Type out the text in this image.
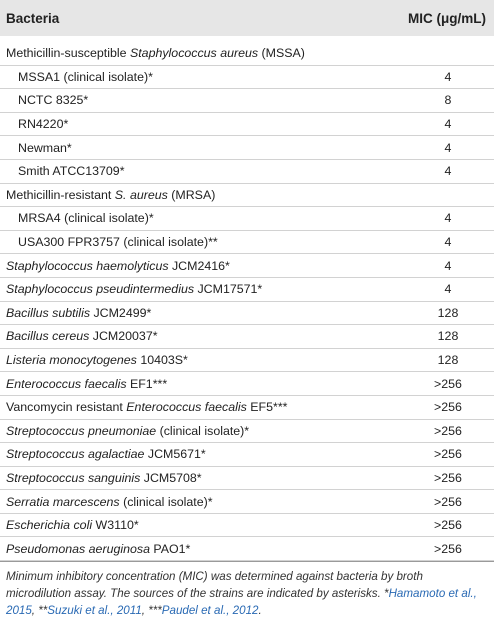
Bacteria	MIC (μg/mL)
Methicillin-susceptible Staphylococcus aureus (MSSA)
MSSA1 (clinical isolate)*	4
NCTC 8325*	8
RN4220*	4
Newman*	4
Smith ATCC13709*	4
Methicillin-resistant S. aureus (MRSA)
MRSA4 (clinical isolate)*	4
USA300 FPR3757 (clinical isolate)**	4
Staphylococcus haemolyticus JCM2416*	4
Staphylococcus pseudintermedius JCM17571*	4
Bacillus subtilis JCM2499*	128
Bacillus cereus JCM20037*	128
Listeria monocytogenes 10403S*	128
Enterococcus faecalis EF1***	>256
Vancomycin resistant Enterococcus faecalis EF5***	>256
Streptococcus pneumoniae (clinical isolate)*	>256
Streptococcus agalactiae JCM5671*	>256
Streptococcus sanguinis JCM5708*	>256
Serratia marcescens (clinical isolate)*	>256
Escherichia coli W3110*	>256
Pseudomonas aeruginosa PAO1*	>256
Minimum inhibitory concentration (MIC) was determined against bacteria by broth microdilution assay. The sources of the strains are indicated by asterisks. *Hamamoto et al., 2015, **Suzuki et al., 2011, ***Paudel et al., 2012.
